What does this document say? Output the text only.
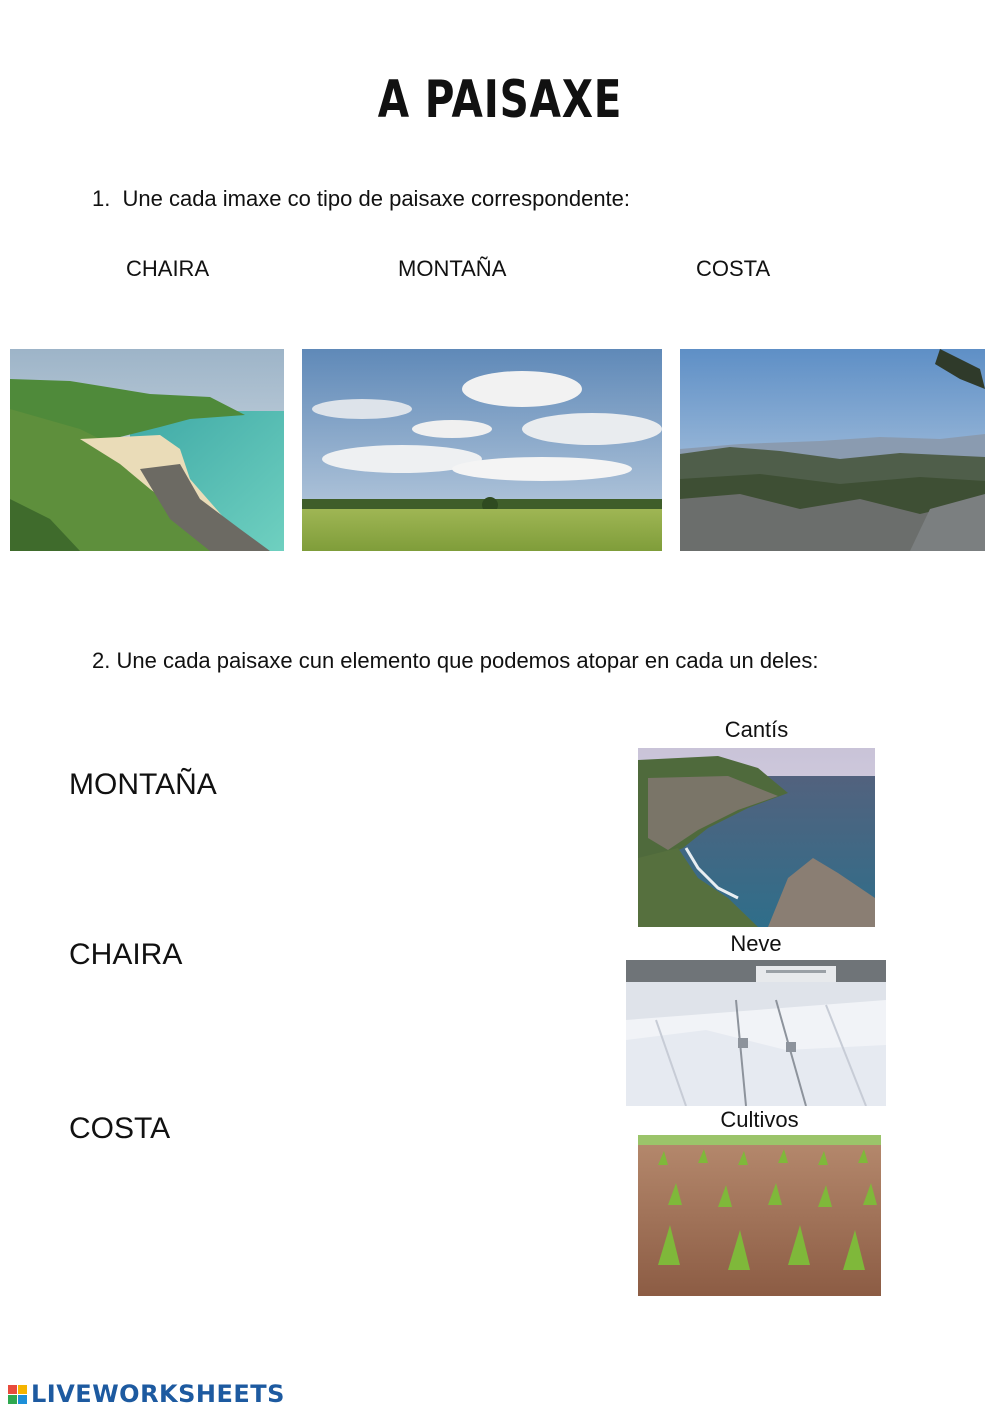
A PAISAXE
1. Une cada imaxe co tipo de paisaxe correspondente:
CHAIRA	MONTAÑA	COSTA
2. Une cada paisaxe cun elemento que podemos atopar en cada un deles:
MONTAÑA
CHAIRA
COSTA
Cantís
Neve
Cultivos
LIVEWORKSHEETS
